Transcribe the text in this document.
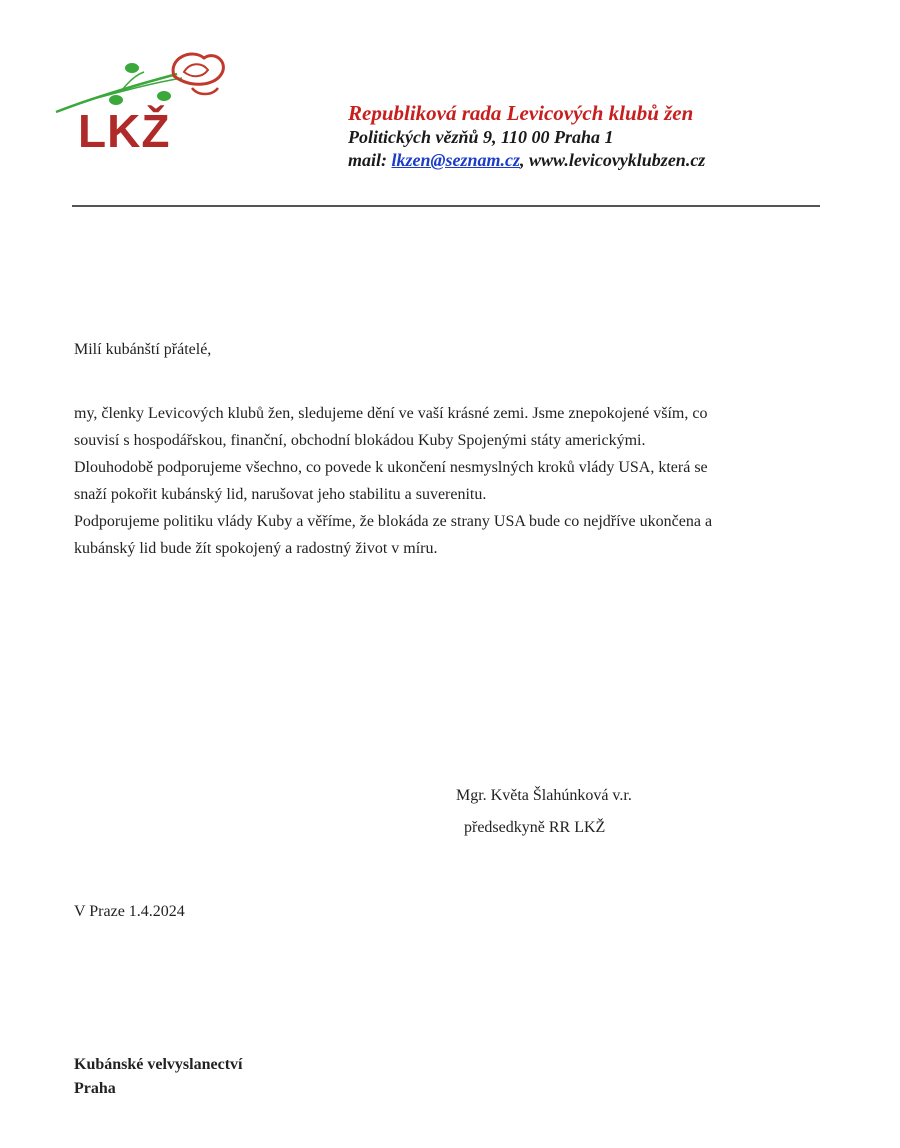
LKŽ	Republiková rada Levicových klubů žen
Politických vězňů 9, 110 00 Praha 1
mail: lkzen@seznam.cz, www.levicovyklubzen.cz
Milí kubánští přátelé,

my, členky Levicových klubů žen, sledujeme dění ve vaší krásné zemi. Jsme znepokojené vším, co

souvisí s hospodářskou, finanční, obchodní blokádou Kuby Spojenými státy americkými.

Dlouhodobě podporujeme všechno, co povede k ukončení nesmyslných kroků vlády USA, která se

snaží pokořit kubánský lid, narušovat jeho stabilitu a suverenitu.

Podporujeme politiku vlády Kuby a věříme, že blokáda ze strany USA bude co nejdříve ukončena a

kubánský lid bude žít spokojený a radostný život v míru.

Mgr. Květa Šlahúnková v.r.
předsedkyně RR LKŽ
V Praze 1.4.2024
Kubánské velvyslanectví
Praha
